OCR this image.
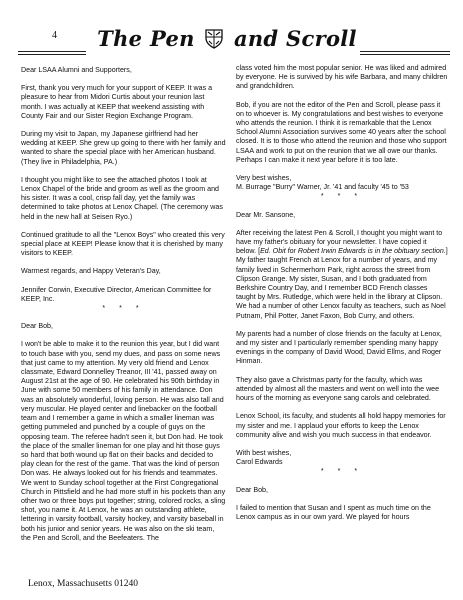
4 The Pen and Scroll

Dear LSAA Alumni and Supporters,

First, thank you very much for your support of KEEP. It was a pleasure to hear from Midori Curtis about your reunion last month. I was actually at KEEP that weekend assisting with County Fair and our Sister Region Exchange Program.

During my visit to Japan, my Japanese girlfriend had her wedding at KEEP. She grew up going to there with her family and wanted to share the special place with her American husband. (They live in Philadelphia, PA.)

I thought you might like to see the attached photos I took at Lenox Chapel of the bride and groom as well as the groom and his sister. It was a cool, crisp fall day, yet the family was determined to take photos at Lenox Chapel. (The ceremony was held in the new hall at Seisen Ryo.)

Continued gratitude to all the "Lenox Boys" who created this very special place at KEEP! Please know that it is cherished by many visitors to KEEP.

Warmest regards, and Happy Veteran's Day,

Jennifer Corwin, Executive Director, American Committee for KEEP, Inc.

* * *

Dear Bob,

I won't be able to make it to the reunion this year, but I did want to touch base with you, send my dues, and pass on some news that just came to my attention. My very old friend and Lenox classmate, Edward Donnelley Treanor, III '41, passed away on August 21st at the age of 90. He celebrated his 90th birthday in June with some 50 members of his family in attendance. Don was an absolutely wonderful, loving person. He was also tall and very muscular. He played center and linebacker on the football team and I remember a game in which a smaller lineman was getting pummeled and punched by a couple of guys on the opposing team. The referee hadn't seen it, but Don had. He took the place of the smaller lineman for one play and hit those guys so hard that both wound up flat on their backs and decided to play clean for the rest of the game. That was the kind of person Don was. He always looked out for his friends and teammates. We went to Sunday school together at the First Congregational Church in Pittsfield and he had more stuff in his pockets than any other two or three boys put together; string, colored rocks, a sling shot, you name it. At Lenox, he was an outstanding athlete, lettering in varsity football, varsity hockey, and varsity baseball in both his junior and senior years. He was also on the ski team, the Pen and Scroll, and the Beefeaters. The

class voted him the most popular senior. He was liked and admired by everyone. He is survived by his wife Barbara, and many children and grandchildren.

Bob, if you are not the editor of the Pen and Scroll, please pass it on to whoever is. My congratulations and best wishes to everyone who attends the reunion. I think it is remarkable that the Lenox School Alumni Association survives some 40 years after the school closed. It is to those who attend the reunion and those who support LSAA and work to put on the reunion that we all owe our thanks. Perhaps I can make it next year before it is too late.

Very best wishes,

M. Burrage "Burry" Warner, Jr. '41 and faculty '45 to '53

* * *

Dear Mr. Sansone,

After receiving the latest Pen & Scroll, I thought you might want to have my father's obituary for your newsletter. I have copied it below. [Ed. Obit for Robert Irwin Edwards is in the obituary section.] My father taught French at Lenox for a number of years, and my family lived in Schermerhorn Park, right across the street from Clipson Grange. My sister, Susan, and I both graduated from Berkshire Country Day, and I remember BCD French classes taught by Mrs. Rutledge, which were held in the library at Clipson. We had a number of other Lenox faculty as teachers, such as Noel Putnam, Phil Potter, Janet Faxon, Bob Curry, and others.

My parents had a number of close friends on the faculty at Lenox, and my sister and I particularly remember spending many happy evenings in the company of David Wood, David Ellms, and Roger Hinman.

They also gave a Christmas party for the faculty, which was attended by almost all the masters and went on well into the wee hours of the morning as everyone sang carols and celebrated.

Lenox School, its faculty, and students all hold happy memories for my sister and me. I applaud your efforts to keep the Lenox community alive and wish you much success in that endeavor.

With best wishes,

Carol Edwards

* * *

Dear Bob,

I failed to mention that Susan and I spent as much time on the Lenox campus as in our own yard. We played for hours

Lenox, Massachusetts 01240
